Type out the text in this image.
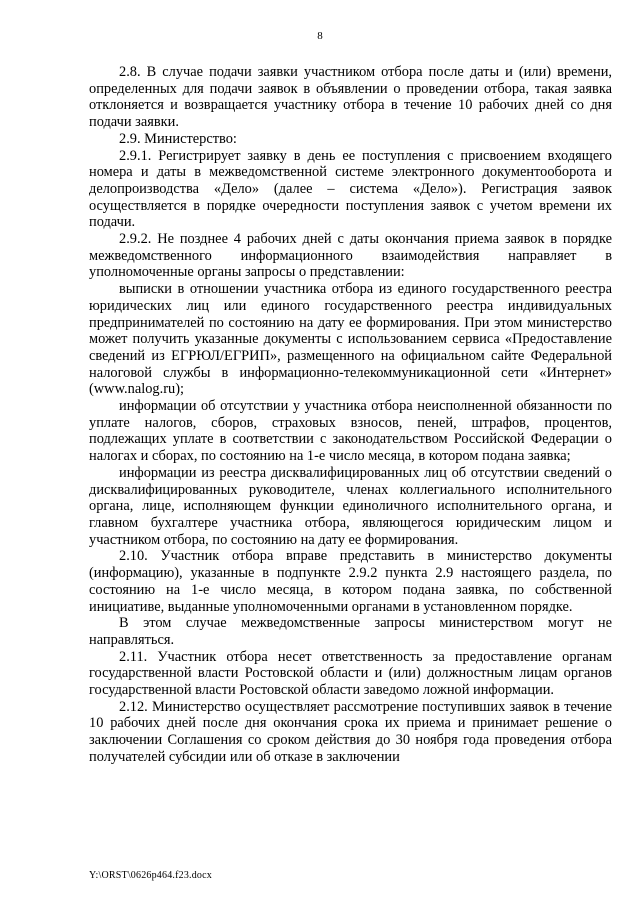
8

2.8. В случае подачи заявки участником отбора после даты и (или) времени, определенных для подачи заявок в объявлении о проведении отбора, такая заявка отклоняется и возвращается участнику отбора в течение 10 рабочих дней со дня подачи заявки.

2.9. Министерство:

2.9.1. Регистрирует заявку в день ее поступления с присвоением входящего номера и даты в межведомственной системе электронного документооборота и делопроизводства «Дело» (далее – система «Дело»). Регистрация заявок осуществляется в порядке очередности поступления заявок с учетом времени их подачи.

2.9.2. Не позднее 4 рабочих дней с даты окончания приема заявок в порядке межведомственного информационного взаимодействия направляет в уполномоченные органы запросы о представлении:

выписки в отношении участника отбора из единого государственного реестра юридических лиц или единого государственного реестра индивидуальных предпринимателей по состоянию на дату ее формирования. При этом министерство может получить указанные документы с использованием сервиса «Предоставление сведений из ЕГРЮЛ/ЕГРИП», размещенного на официальном сайте Федеральной налоговой службы в информационно-телекоммуникационной сети «Интернет» (www.nalog.ru);

информации об отсутствии у участника отбора неисполненной обязанности по уплате налогов, сборов, страховых взносов, пеней, штрафов, процентов, подлежащих уплате в соответствии с законодательством Российской Федерации о налогах и сборах, по состоянию на 1-е число месяца, в котором подана заявка;

информации из реестра дисквалифицированных лиц об отсутствии сведений о дисквалифицированных руководителе, членах коллегиального исполнительного органа, лице, исполняющем функции единоличного исполнительного органа, и главном бухгалтере участника отбора, являющегося юридическим лицом и участником отбора, по состоянию на дату ее формирования.

2.10. Участник отбора вправе представить в министерство документы (информацию), указанные в подпункте 2.9.2 пункта 2.9 настоящего раздела, по состоянию на 1-е число месяца, в котором подана заявка, по собственной инициативе, выданные уполномоченными органами в установленном порядке.

В этом случае межведомственные запросы министерством могут не направляться.

2.11. Участник отбора несет ответственность за предоставление органам государственной власти Ростовской области и (или) должностным лицам органов государственной власти Ростовской области заведомо ложной информации.

2.12. Министерство осуществляет рассмотрение поступивших заявок в течение 10 рабочих дней после дня окончания срока их приема и принимает решение о заключении Соглашения со сроком действия до 30 ноября года проведения отбора получателей субсидии или об отказе в заключении

Y:\ORST\0626p464.f23.docx
